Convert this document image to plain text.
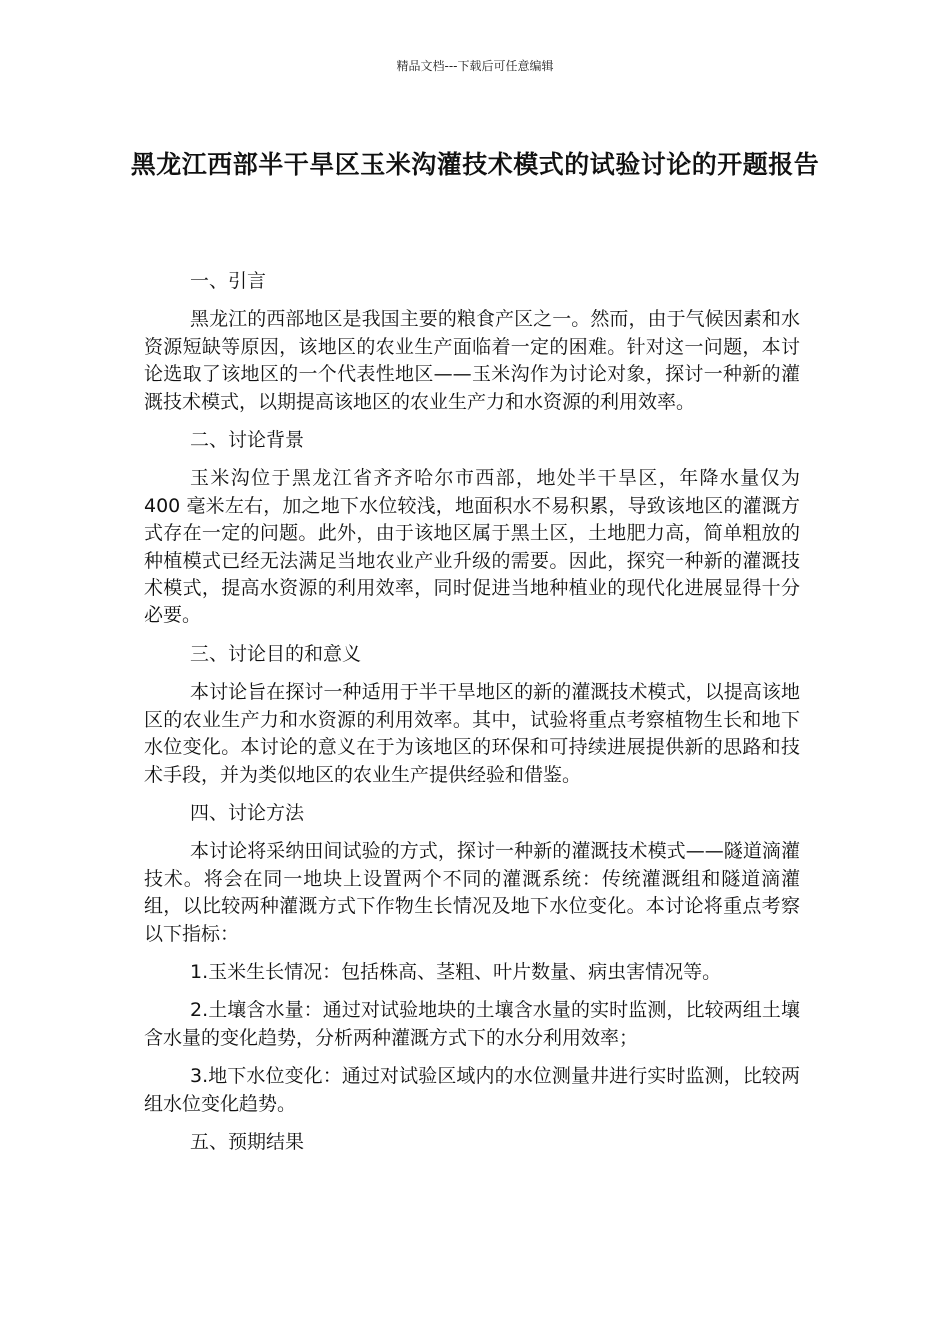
精品文档---下载后可任意编辑
黑龙江西部半干旱区玉米沟灌技术模式的试验讨论的开题报告
一、引言
黑龙江的西部地区是我国主要的粮食产区之一。然而，由于气候因素和水资源短缺等原因，该地区的农业生产面临着一定的困难。针对这一问题，本讨论选取了该地区的一个代表性地区——玉米沟作为讨论对象，探讨一种新的灌溉技术模式，以期提高该地区的农业生产力和水资源的利用效率。
二、讨论背景
玉米沟位于黑龙江省齐齐哈尔市西部，地处半干旱区，年降水量仅为 400 毫米左右，加之地下水位较浅，地面积水不易积累，导致该地区的灌溉方式存在一定的问题。此外，由于该地区属于黑土区，土地肥力高，简单粗放的种植模式已经无法满足当地农业产业升级的需要。因此，探究一种新的灌溉技术模式，提高水资源的利用效率，同时促进当地种植业的现代化进展显得十分必要。
三、讨论目的和意义
本讨论旨在探讨一种适用于半干旱地区的新的灌溉技术模式，以提高该地区的农业生产力和水资源的利用效率。其中，试验将重点考察植物生长和地下水位变化。本讨论的意义在于为该地区的环保和可持续进展提供新的思路和技术手段，并为类似地区的农业生产提供经验和借鉴。
四、讨论方法
本讨论将采纳田间试验的方式，探讨一种新的灌溉技术模式——隧道滴灌技术。将会在同一地块上设置两个不同的灌溉系统：传统灌溉组和隧道滴灌组，以比较两种灌溉方式下作物生长情况及地下水位变化。本讨论将重点考察以下指标：
1.玉米生长情况：包括株高、茎粗、叶片数量、病虫害情况等。
2.土壤含水量：通过对试验地块的土壤含水量的实时监测，比较两组土壤含水量的变化趋势，分析两种灌溉方式下的水分利用效率；
3.地下水位变化：通过对试验区域内的水位测量井进行实时监测，比较两组水位变化趋势。
五、预期结果
